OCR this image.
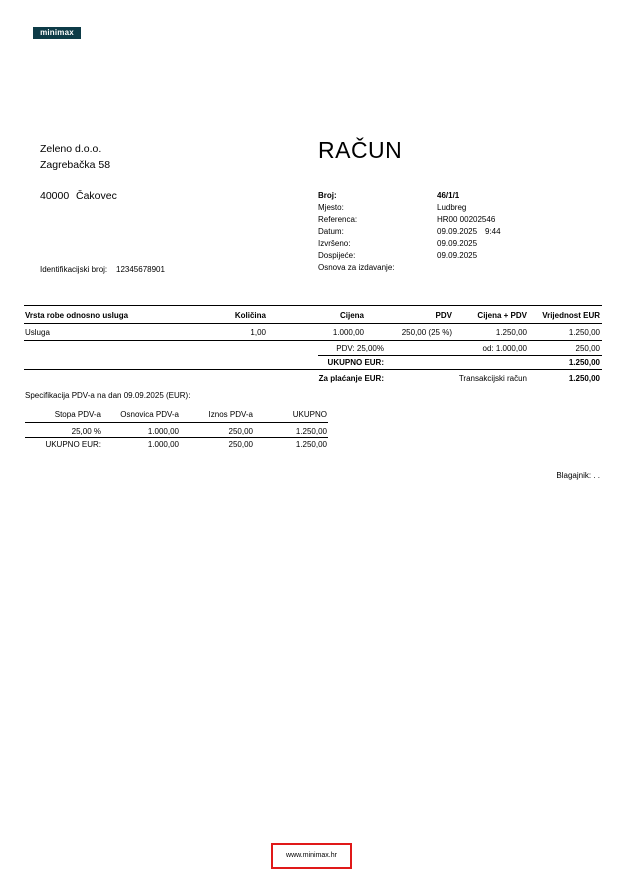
minimax
Zeleno d.o.o.
Zagrebačka 58
40000 Čakovec
Identifikacijski broj: 12345678901
RAČUN
Broj:	46/1/1
Mjesto:	Ludbreg
Referenca:	HR00 00202546
Datum:	09.09.2025 9:44
Izvršeno:	09.09.2025
Dospijeće:	09.09.2025
Osnova za izdavanje:
Vrsta robe odnosno usluga	Količina	Cijena	PDV	Cijena + PDV	Vrijednost EUR
Usluga	1,00	1.000,00	250,00 (25 %)	1.250,00	1.250,00
PDV: 25,00%	od: 1.000,00	250,00
UKUPNO EUR:	1.250,00
Za plaćanje EUR:	Transakcijski račun	1.250,00
Specifikacija PDV-a na dan 09.09.2025 (EUR):
Stopa PDV-a	Osnovica PDV-a	Iznos PDV-a	UKUPNO
25,00 %	1.000,00	250,00	1.250,00
UKUPNO EUR:	1.000,00	250,00	1.250,00
Blagajnik: . .
www.minimax.hr
